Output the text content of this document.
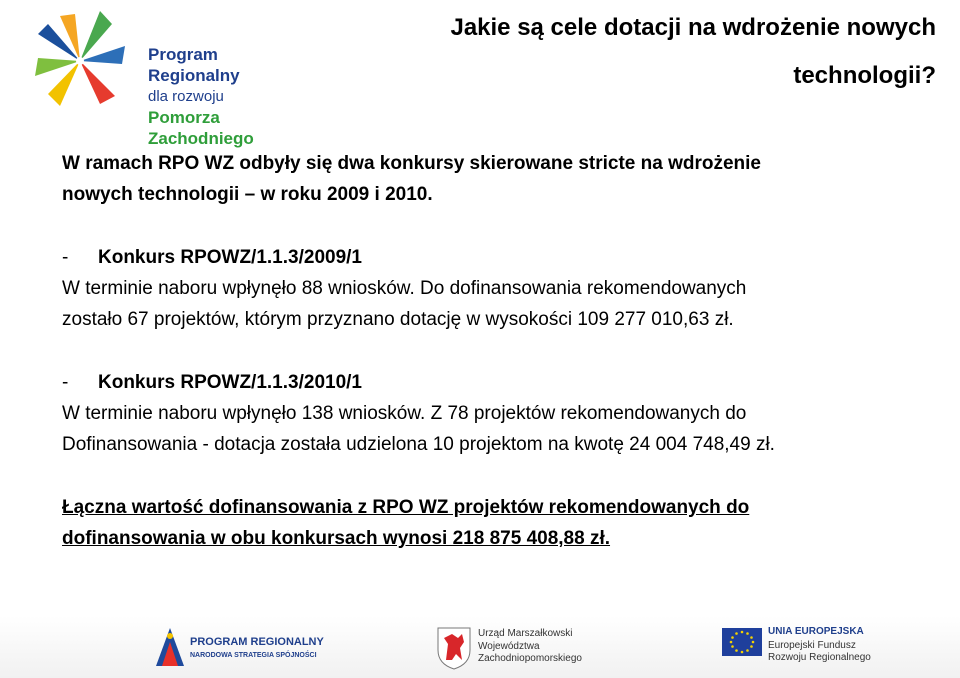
Program Regionalny
dla rozwoju
Pomorza Zachodniego
Jakie są cele dotacji na wdrożenie nowych
technologii?
W ramach RPO WZ odbyły się dwa konkursy skierowane stricte na wdrożenie
nowych technologii – w roku 2009 i 2010.
- Konkurs RPOWZ/1.1.3/2009/1
W terminie naboru wpłynęło 88 wniosków. Do dofinansowania rekomendowanych
zostało 67 projektów, którym przyznano dotację w wysokości 109 277 010,63 zł.
- Konkurs RPOWZ/1.1.3/2010/1
W terminie naboru wpłynęło 138 wniosków. Z 78 projektów rekomendowanych do
Dofinansowania - dotacja została udzielona 10 projektom na kwotę 24 004 748,49 zł.
Łączna wartość dofinansowania z RPO WZ projektów rekomendowanych do
dofinansowania w obu konkursach wynosi 218 875 408,88 zł.
PROGRAM REGIONALNY
NARODOWA STRATEGIA SPÓJNOŚCI
Urząd Marszałkowski
Województwa Zachodniopomorskiego
UNIA EUROPEJSKA
Europejski Fundusz
Rozwoju Regionalnego
